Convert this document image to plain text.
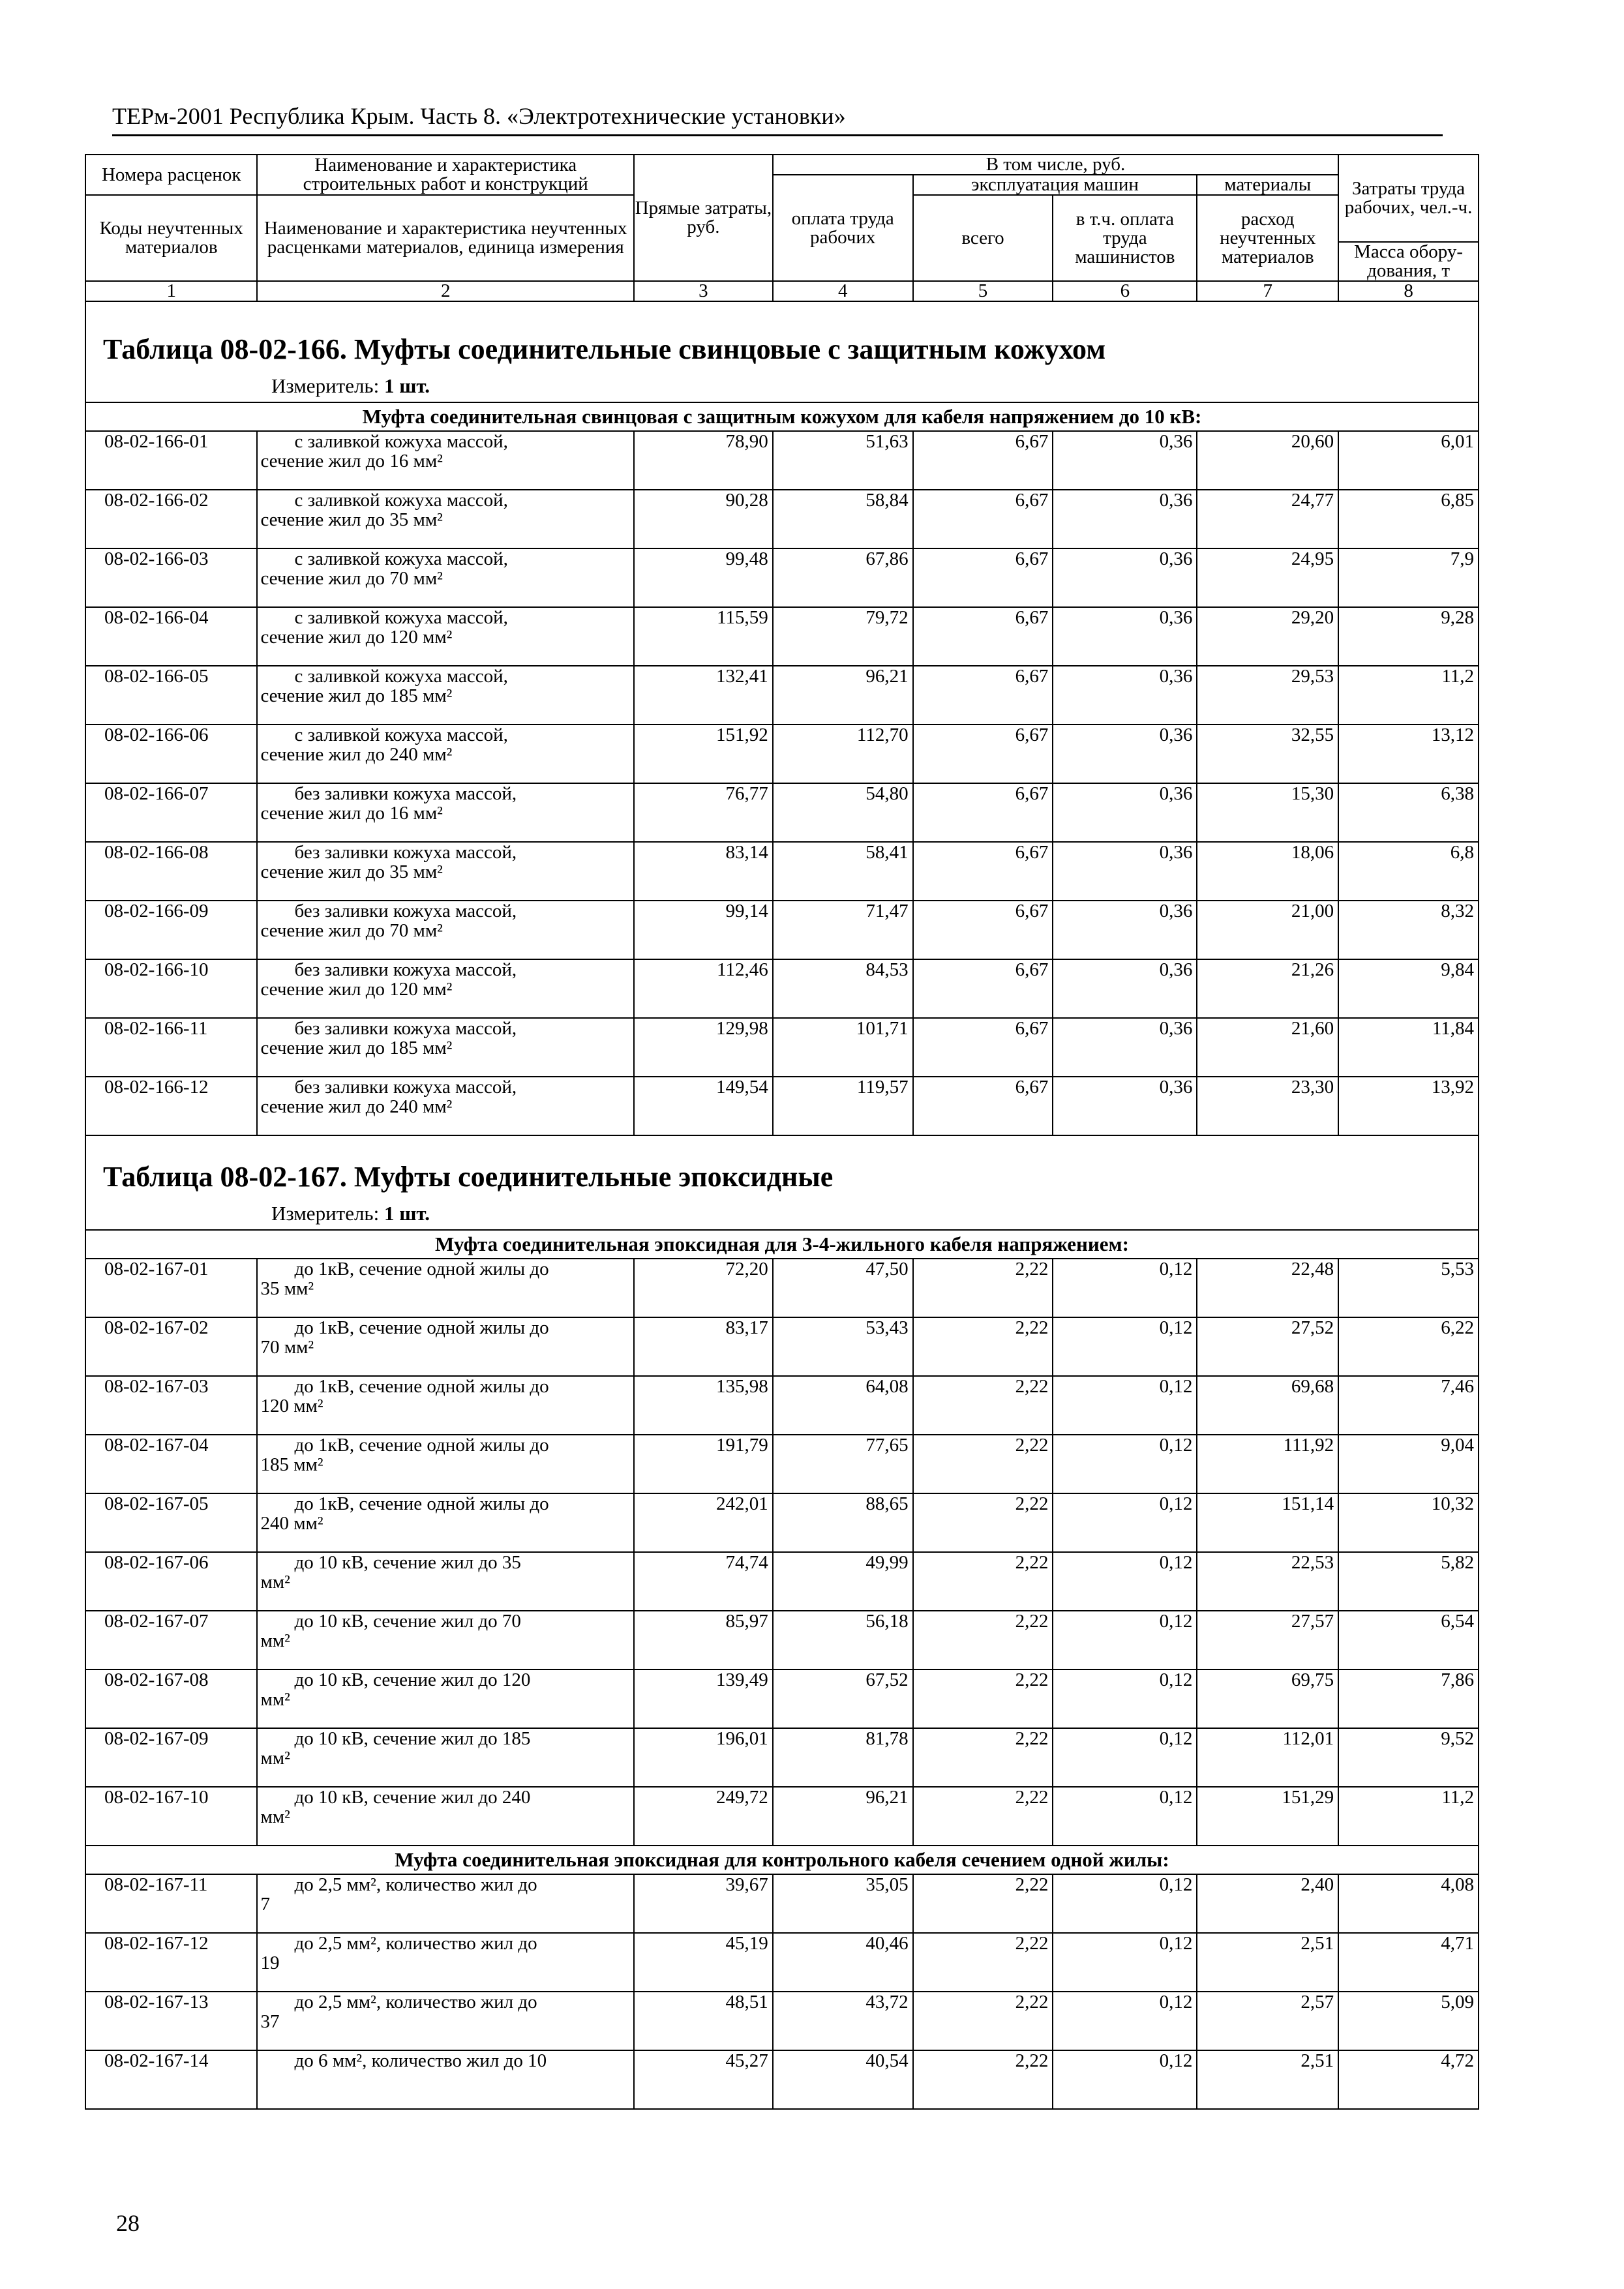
ТЕРм-2001 Республика Крым. Часть 8. «Электротехнические установки»
Номера расценок	Наименование и характеристика строительных работ и конструкций	Прямые затраты, руб.	В том числе, руб.				Затраты труда рабочих, чел.-ч.
			оплата труда рабочих	эксплуатация машин		материалы	
Коды неучтенных материалов	Наименование и характеристика неучтенных расценками материалов, единица измерения			всего	в т.ч. оплата труда машинистов	расход неучтенных материалов	
							Масса обору-дования, т
1	2	3	4	5	6	7	8

Таблица 08-02-166. Муфты соединительные свинцовые с защитным кожухом							

Измеритель: 1 шт.							
Муфта соединительная свинцовая с защитным кожухом для кабеля напряжением до 10 кВ:							
08-02-166-01	с заливкой кожуха массой,
сечение жил до 16 мм²	78,90	51,63	6,67	0,36	20,60	6,01
08-02-166-02	с заливкой кожуха массой,
сечение жил до 35 мм²	90,28	58,84	6,67	0,36	24,77	6,85
08-02-166-03	с заливкой кожуха массой,
сечение жил до 70 мм²	99,48	67,86	6,67	0,36	24,95	7,9
08-02-166-04	с заливкой кожуха массой,
сечение жил до 120 мм²	115,59	79,72	6,67	0,36	29,20	9,28
08-02-166-05	с заливкой кожуха массой,
сечение жил до 185 мм²	132,41	96,21	6,67	0,36	29,53	11,2
08-02-166-06	с заливкой кожуха массой,
сечение жил до 240 мм²	151,92	112,70	6,67	0,36	32,55	13,12
08-02-166-07	без заливки кожуха массой,
сечение жил до 16 мм²	76,77	54,80	6,67	0,36	15,30	6,38
08-02-166-08	без заливки кожуха массой,
сечение жил до 35 мм²	83,14	58,41	6,67	0,36	18,06	6,8
08-02-166-09	без заливки кожуха массой,
сечение жил до 70 мм²	99,14	71,47	6,67	0,36	21,00	8,32
08-02-166-10	без заливки кожуха массой,
сечение жил до 120 мм²	112,46	84,53	6,67	0,36	21,26	9,84
08-02-166-11	без заливки кожуха массой,
сечение жил до 185 мм²	129,98	101,71	6,67	0,36	21,60	11,84
08-02-166-12	без заливки кожуха массой,
сечение жил до 240 мм²	149,54	119,57	6,67	0,36	23,30	13,92

Таблица 08-02-167. Муфты соединительные эпоксидные							

Измеритель: 1 шт.							
Муфта соединительная эпоксидная для 3-4-жильного кабеля напряжением:							
08-02-167-01	до 1кВ, сечение одной жилы до
35 мм²	72,20	47,50	2,22	0,12	22,48	5,53
08-02-167-02	до 1кВ, сечение одной жилы до
70 мм²	83,17	53,43	2,22	0,12	27,52	6,22
08-02-167-03	до 1кВ, сечение одной жилы до
120 мм²	135,98	64,08	2,22	0,12	69,68	7,46
08-02-167-04	до 1кВ, сечение одной жилы до
185 мм²	191,79	77,65	2,22	0,12	111,92	9,04
08-02-167-05	до 1кВ, сечение одной жилы до
240 мм²	242,01	88,65	2,22	0,12	151,14	10,32
08-02-167-06	до 10 кВ, сечение жил до 35
мм²	74,74	49,99	2,22	0,12	22,53	5,82
08-02-167-07	до 10 кВ, сечение жил до 70
мм²	85,97	56,18	2,22	0,12	27,57	6,54
08-02-167-08	до 10 кВ, сечение жил до 120
мм²	139,49	67,52	2,22	0,12	69,75	7,86
08-02-167-09	до 10 кВ, сечение жил до 185
мм²	196,01	81,78	2,22	0,12	112,01	9,52
08-02-167-10	до 10 кВ, сечение жил до 240
мм²	249,72	96,21	2,22	0,12	151,29	11,2
Муфта соединительная эпоксидная для контрольного кабеля сечением одной жилы:							
08-02-167-11	до 2,5 мм², количество жил до
7	39,67	35,05	2,22	0,12	2,40	4,08
08-02-167-12	до 2,5 мм², количество жил до
19	45,19	40,46	2,22	0,12	2,51	4,71
08-02-167-13	до 2,5 мм², количество жил до
37	48,51	43,72	2,22	0,12	2,57	5,09
08-02-167-14	до 6 мм², количество жил до 10	45,27	40,54	2,22	0,12	2,51	4,72
28
